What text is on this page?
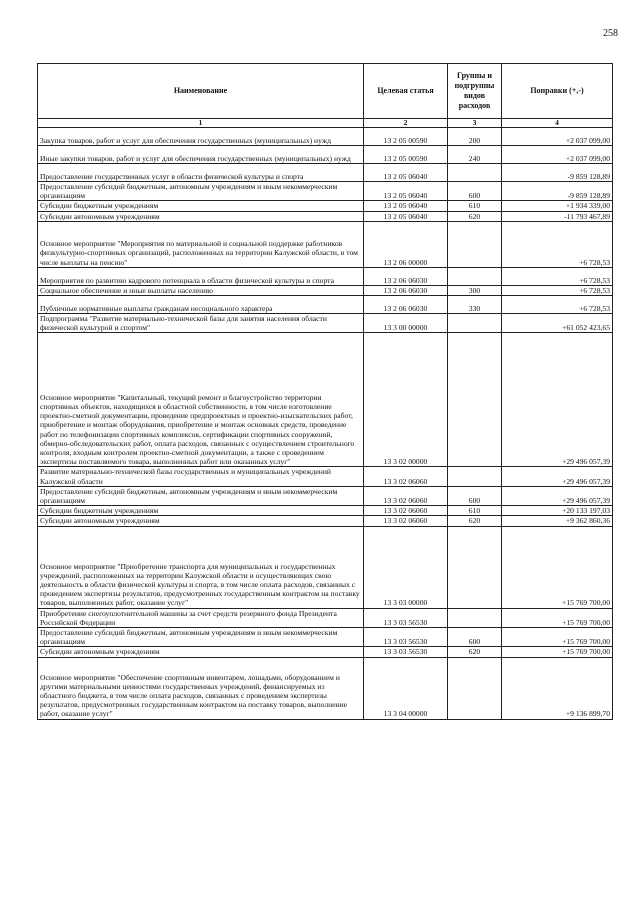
258
Наименование	Целевая статья	Группы и подгруппы видов расходов	Поправки (+,-)
1	2	3	4
Закупка товаров, работ и услуг для обеспечения государственных (муниципальных) нужд	13 2 05 00590	200	+2 037 099,00
Иные закупки товаров, работ и услуг для обеспечения государственных (муниципальных) нужд	13 2 05 00590	240	+2 037 099,00
Предоставление государственных услуг в области физической культуры и спорта	13 2 05 06040		-9 859 128,89
Предоставление субсидий бюджетным, автономным учреждениям и иным некоммерческим организациям	13 2 05 06040	600	-9 859 128,89
Субсидии бюджетным учреждениям	13 2 05 06040	610	+1 934 339,00
Субсидии автономным учреждениям	13 2 05 06040	620	-11 793 467,89
Основное мероприятие "Мероприятия по материальной и социальной поддержке работников физкультурно-спортивных организаций, расположенных на территории Калужской области, в том числе выплаты на пенсию"	13 2 06 00000		+6 728,53
Мероприятия по развитию кадрового потенциала в области физической культуры и спорта	13 2 06 06030		+6 728,53
Социальное обеспечение и иные выплаты населению	13 2 06 06030	300	+6 728,53
Публичные нормативные выплаты гражданам несоциального характера	13 2 06 06030	330	+6 728,53
Подпрограмма "Развитие материально-технической базы для занятия населения области физической культурой и спортом"	13 3 00 00000		+61 052 423,65
Основное мероприятие "Капитальный, текущий ремонт и благоустройство территории спортивных объектов, находящихся в областной собственности, в том числе изготовление проектно-сметной документации, проведение предпроектных и проектно-изыскательских работ, приобретение и монтаж оборудования, приобретение и монтаж основных средств, проведение работ по телефонизации спортивных комплексов, сертификации спортивных сооружений, обмерно-обследовательских работ, оплата расходов, связанных с осуществлением строительного контроля, входным контролем проектно-сметной документации, а также с проведением экспертизы поставляемого товара, выполненных работ или оказанных услуг"	13 3 02 00000		+29 496 057,39
Развитие материально-технической базы государственных и муниципальных учреждений Калужской области	13 3 02 06060		+29 496 057,39
Предоставление субсидий бюджетным, автономным учреждениям и иным некоммерческим организациям	13 3 02 06060	600	+29 496 057,39
Субсидии бюджетным учреждениям	13 3 02 06060	610	+20 133 197,03
Субсидии автономным учреждениям	13 3 02 06060	620	+9 362 860,36
Основное мероприятие "Приобретение транспорта для муниципальных и государственных учреждений, расположенных на территории Калужской области и осуществляющих свою деятельность в области физической культуры и спорта, в том числе оплата расходов, связанных с проведением экспертизы результатов, предусмотренных государственным контрактом на поставку товаров, выполненных работ, оказание услуг"	13 3 03 00000		+15 769 700,00
Приобретение снегоуплотнительной машины за счет средств резервного фонда Президента Российской Федерации	13 3 03 56530		+15 769 700,00
Предоставление субсидий бюджетным, автономным учреждениям и иным некоммерческим организациям	13 3 03 56530	600	+15 769 700,00
Субсидии автономным учреждениям	13 3 03 56530	620	+15 769 700,00
Основное мероприятие "Обеспечение спортивным инвентарем, лошадьми, оборудованием и другими материальными ценностями государственных учреждений, финансируемых из областного бюджета, в том числе оплата расходов, связанных с проведением экспертизы результатов, предусмотренных государственным контрактом на поставку товаров, выполнение работ, оказание услуг"	13 3 04 00000		+9 136 899,70
